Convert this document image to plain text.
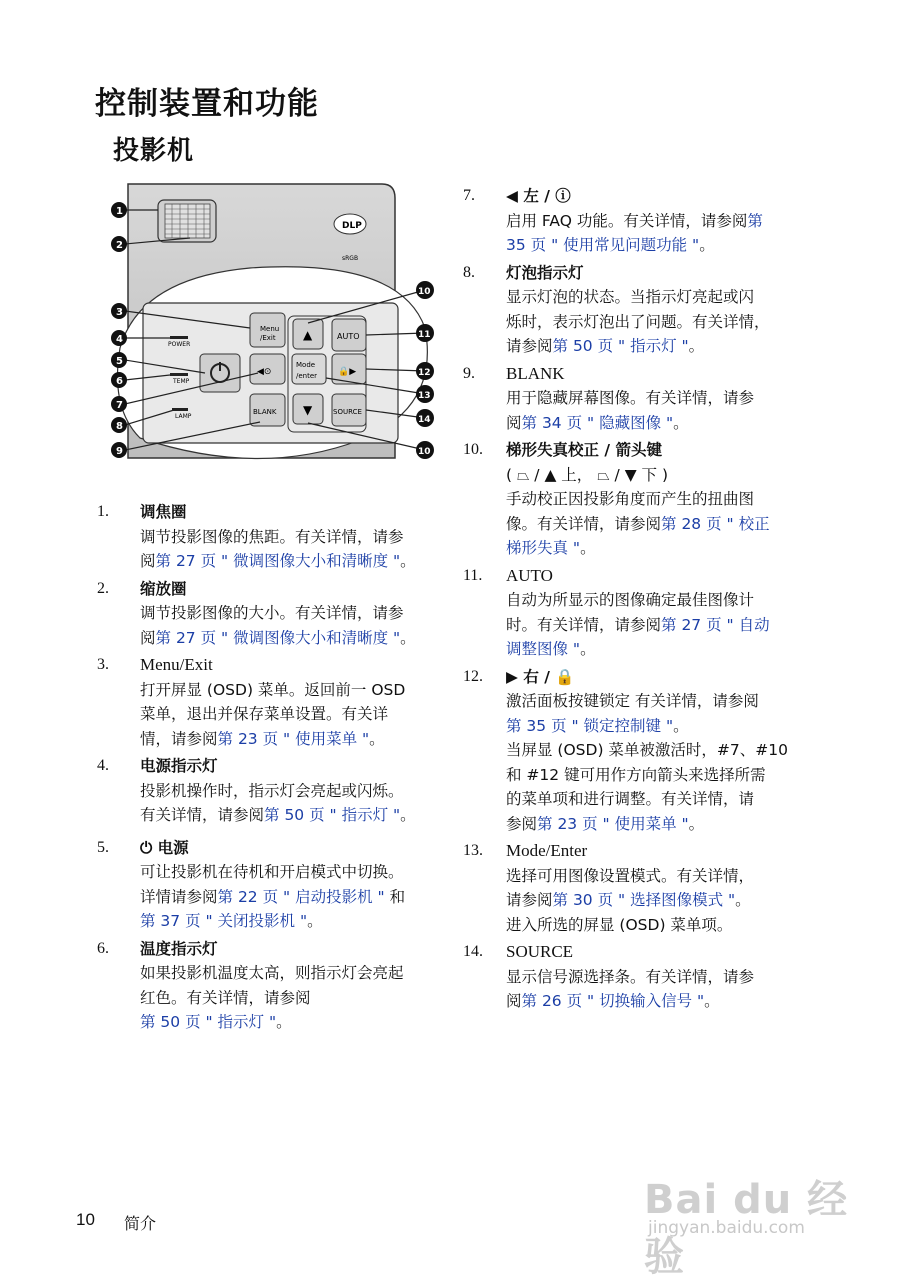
控制装置和功能
投影机
DLP
sRGB
Menu
/Exit ▲	AUTO
◀⊙
Mode
/enter 🔒▶
BLANK ▼	SOURCE
POWER
TEMP
LAMP
1
2
3
4
5
6
7
8
9
10
11
12
13
14
10
1. 调焦圈
调节投影图像的焦距。有关详情，请参
阅第 27 页 " 微调图像大小和清晰度 "。
2. 缩放圈
调节投影图像的大小。有关详情，请参
阅第 27 页 " 微调图像大小和清晰度 "。
3. Menu/Exit
打开屏显 (OSD) 菜单。返回前一 OSD
菜单，退出并保存菜单设置。有关详
情，请参阅第 23 页 " 使用菜单 "。
4. 电源指示灯
投影机操作时，指示灯会亮起或闪烁。
有关详情，请参阅第 50 页 " 指示灯 "。
5. ⏻ 电源
可让投影机在待机和开启模式中切换。
详情请参阅第 22 页 " 启动投影机 " 和
第 37 页 " 关闭投影机 "。
6. 温度指示灯
如果投影机温度太高，则指示灯会亮起
红色。有关详情，请参阅
第 50 页 " 指示灯 "。
7. ◀ 左 / ⓘ
启用 FAQ 功能。有关详情，请参阅第
35 页 " 使用常见问题功能 "。
8. 灯泡指示灯
显示灯泡的状态。当指示灯亮起或闪
烁时，表示灯泡出了问题。有关详情，
请参阅第 50 页 " 指示灯 "。
9. BLANK
用于隐藏屏幕图像。有关详情，请参
阅第 34 页 " 隐藏图像 "。
10. 梯形失真校正 / 箭头键
( ⏢ / ▲ 上， ⏢ / ▼ 下 )
手动校正因投影角度而产生的扭曲图
像。有关详情，请参阅第 28 页 " 校正
梯形失真 "。
11. AUTO
自动为所显示的图像确定最佳图像计
时。有关详情，请参阅第 27 页 " 自动
调整图像 "。
12. ▶ 右 / 🔒
激活面板按键锁定 有关详情，请参阅
第 35 页 " 锁定控制键 "。
当屏显 (OSD) 菜单被激活时，#7、#10
和 #12 键可用作方向箭头来选择所需
的菜单项和进行调整。有关详情，请
参阅第 23 页 " 使用菜单 "。
13. Mode/Enter
选择可用图像设置模式。有关详情，
请参阅第 30 页 " 选择图像模式 "。
进入所选的屏显 (OSD) 菜单项。
14. SOURCE
显示信号源选择条。有关详情，请参
阅第 26 页 " 切换输入信号 "。
10 简介
Bai du 经验
jingyan.baidu.com
